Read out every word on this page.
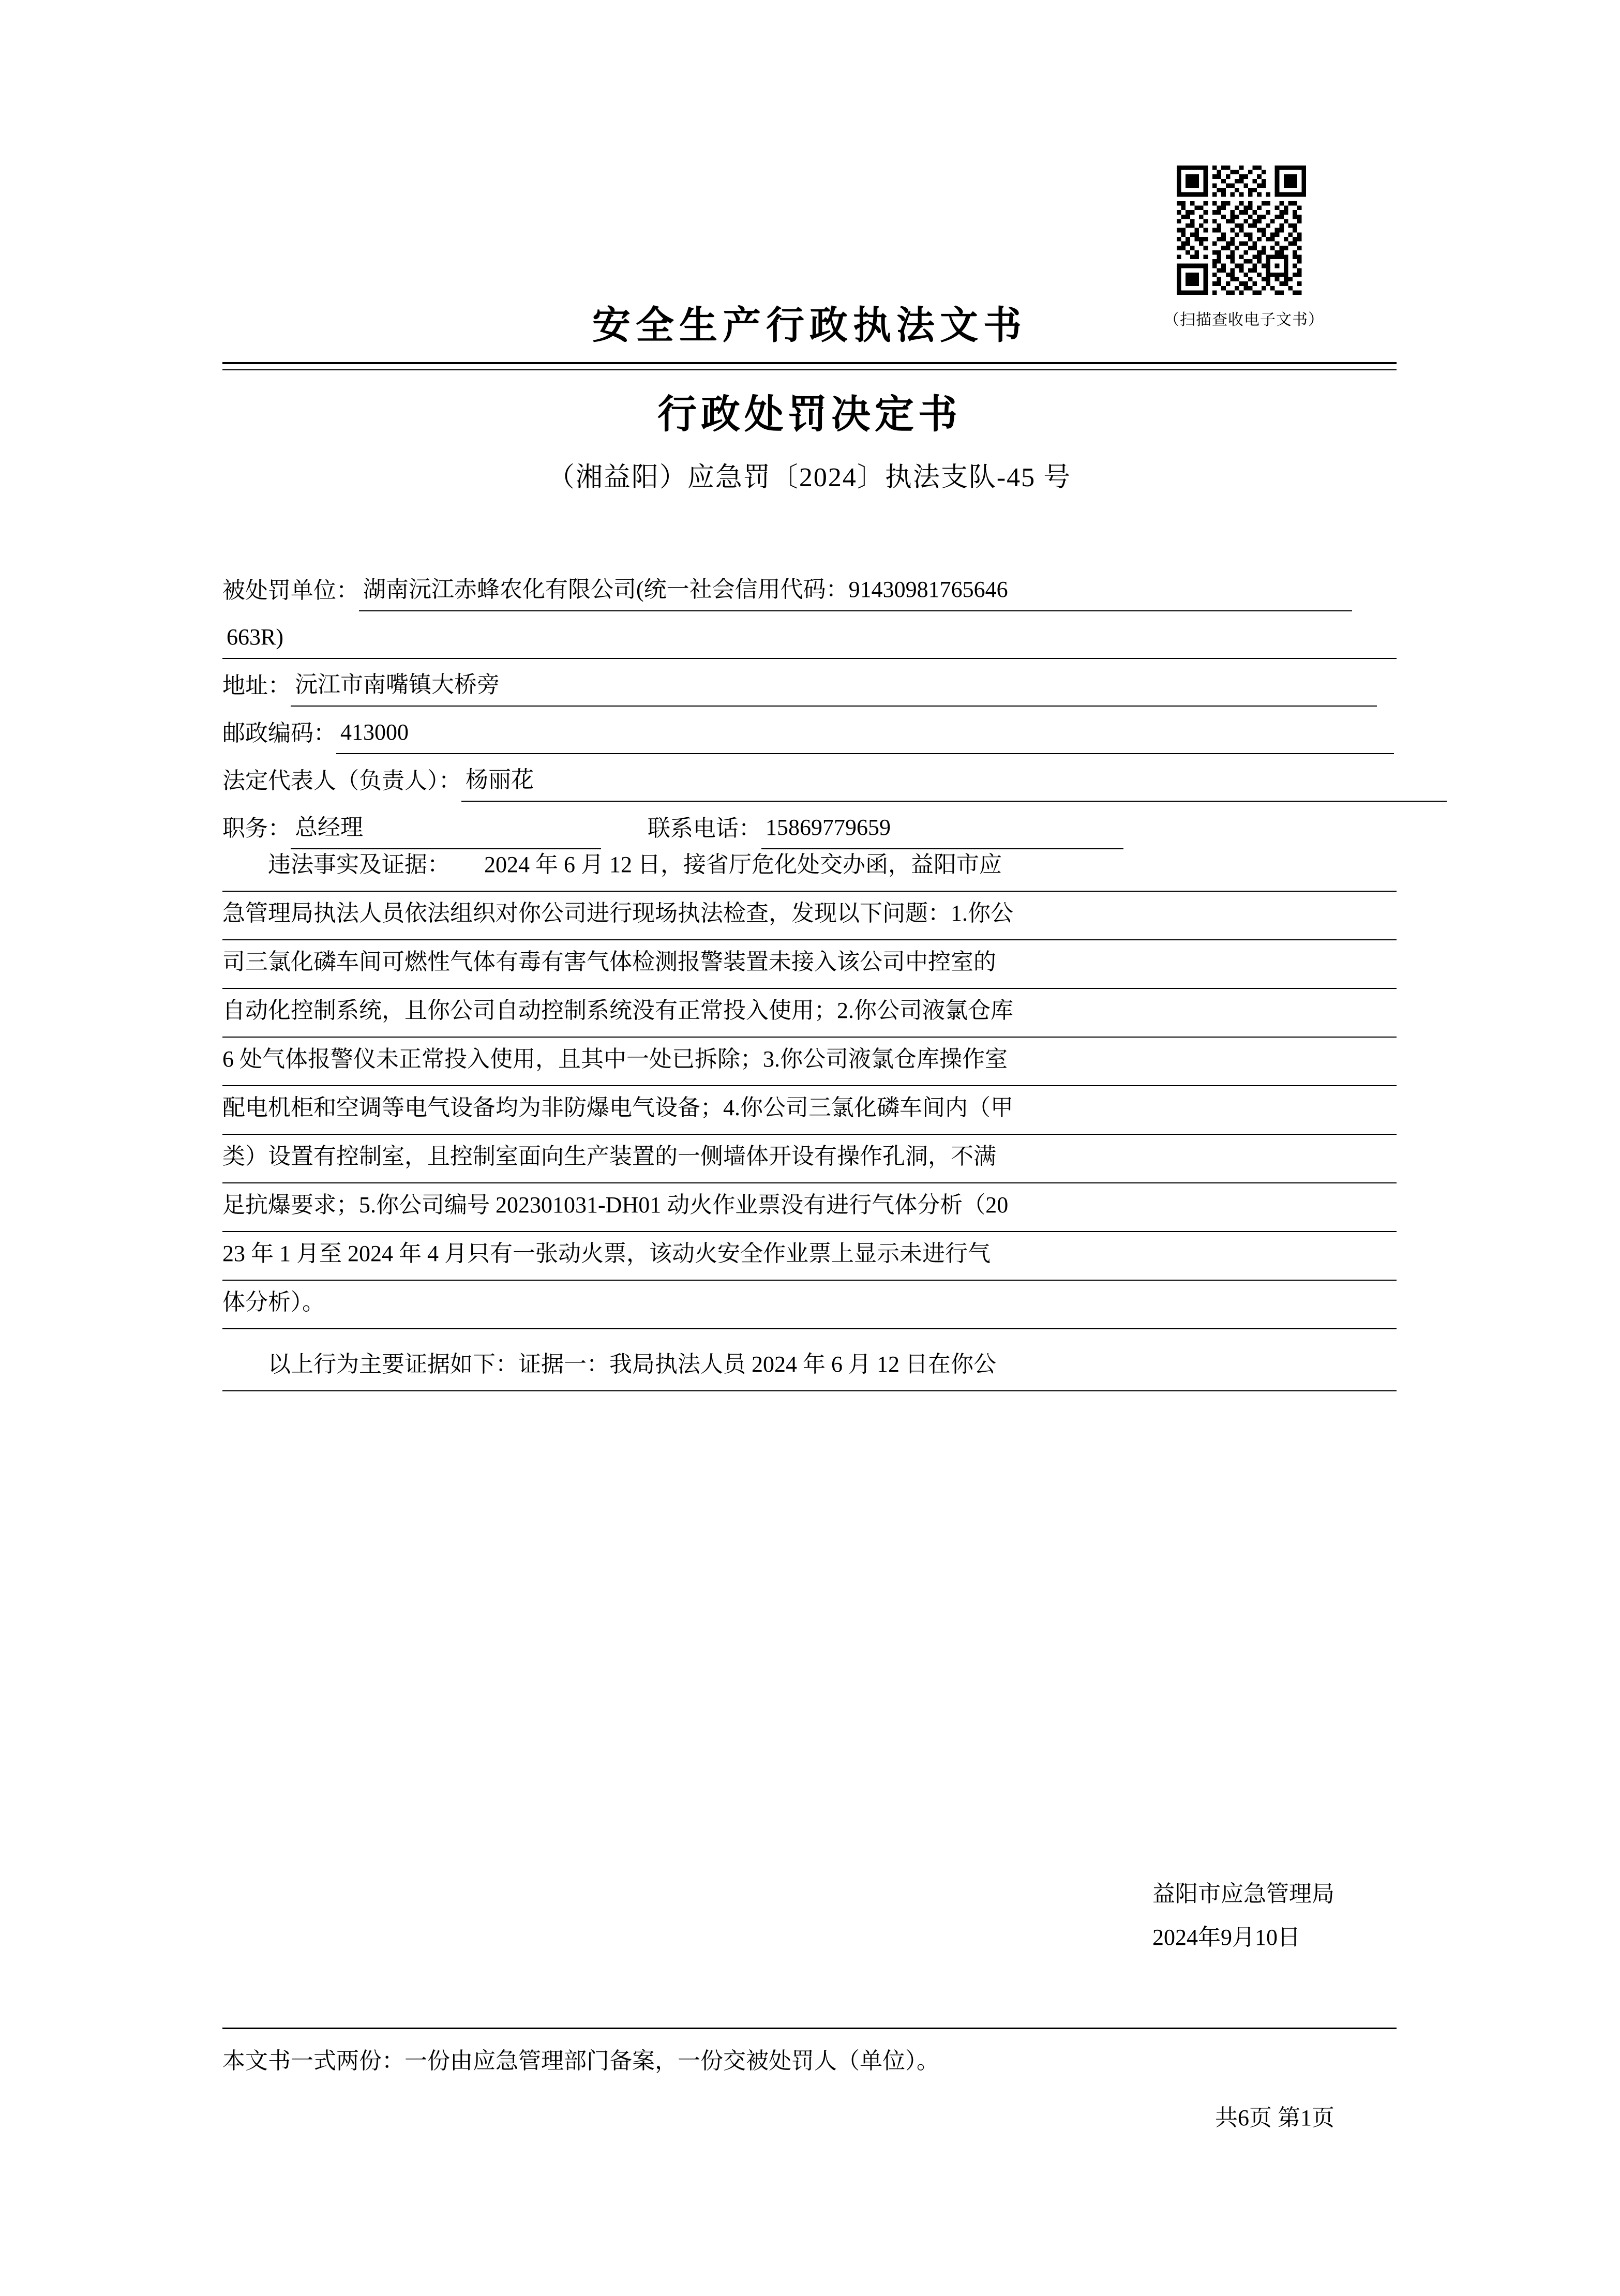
（扫描查收电子文书）
安全生产行政执法文书
行政处罚决定书
（湘益阳）应急罚〔2024〕执法支队-45 号
被处罚单位： 湖南沅江赤蜂农化有限公司(统一社会信用代码：91430981765646
663R)
地址： 沅江市南嘴镇大桥旁
邮政编码： 413000
法定代表人（负责人）： 杨丽花
职务： 总经理	联系电话： 15869779659
违法事实及证据：　　2024 年 6 月 12 日，接省厅危化处交办函，益阳市应
急管理局执法人员依法组织对你公司进行现场执法检查，发现以下问题：1.你公
司三氯化磷车间可燃性气体有毒有害气体检测报警装置未接入该公司中控室的
自动化控制系统，且你公司自动控制系统没有正常投入使用；2.你公司液氯仓库
6 处气体报警仪未正常投入使用，且其中一处已拆除；3.你公司液氯仓库操作室
配电机柜和空调等电气设备均为非防爆电气设备；4.你公司三氯化磷车间内（甲
类）设置有控制室，且控制室面向生产装置的一侧墙体开设有操作孔洞，不满
足抗爆要求；5.你公司编号 202301031-DH01 动火作业票没有进行气体分析（20
23 年 1 月至 2024 年 4 月只有一张动火票，该动火安全作业票上显示未进行气
体分析）。
以上行为主要证据如下：证据一：我局执法人员 2024 年 6 月 12 日在你公
益阳市应急管理局
2024年9月10日
本文书一式两份：一份由应急管理部门备案，一份交被处罚人（单位）。
共6页 第1页
